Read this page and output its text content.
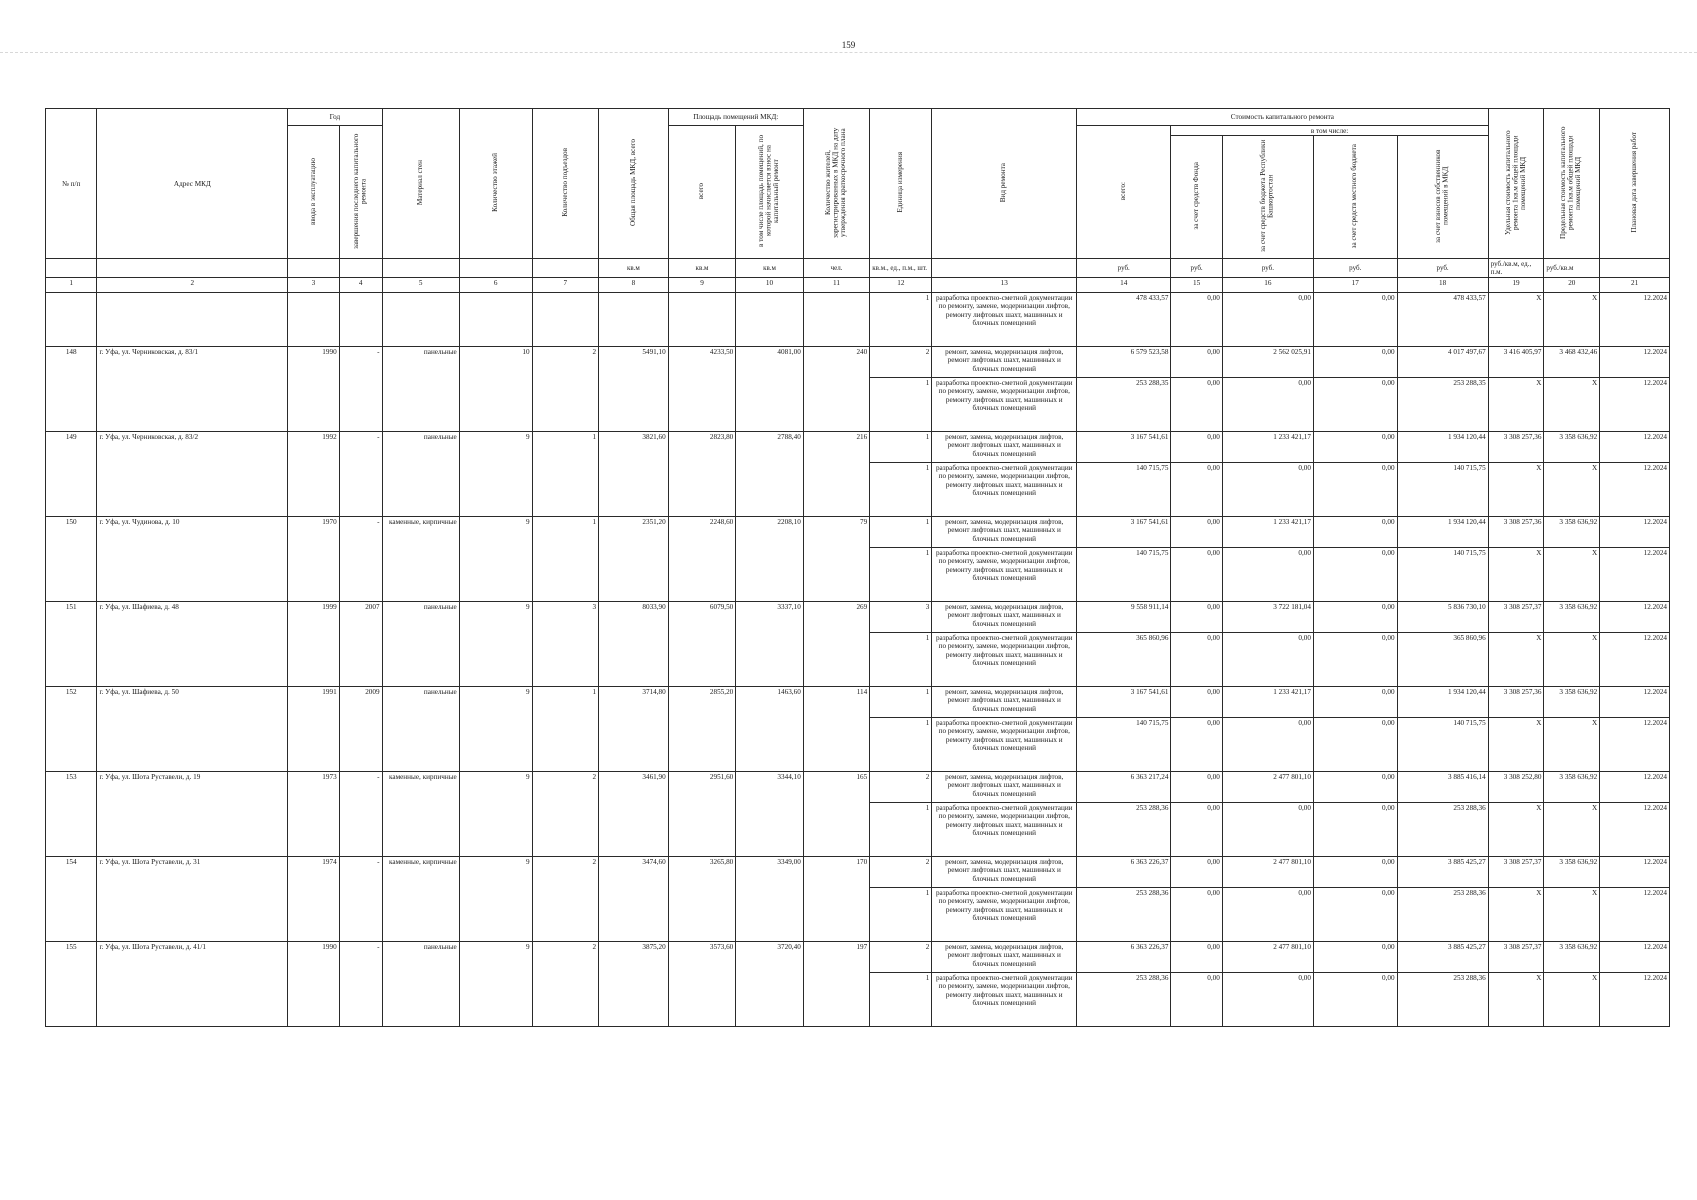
159
№ п/п	Адрес МКД	Год		Материал стен	Количество этажей	Количество подъездов	Общая площадь МКД, всего	Площадь помещений МКД:		Количество жителей, зарегистрированных в МКД на дату утверждения краткосрочного плана	Единица измерения	Вид ремонта	Стоимость капитального ремонта					Удельная стоимость капитального ремонта 1кв.м общей площади помещений МКД	Предельная стоимость капитального ремонта 1кв.м общей площади помещений МКД	Плановая дата завершения работ
		ввода в эксплуатацию	завершения последнего капитального ремонта					всего	в том числе площадь помещений, по которой начисляется взнос на капитальный ремонт				всего:	в том числе:						
														за счет средств Фонда	за счет средств бюджета Республики Башкортостан	за счет средств местного бюджета	за счет взносов собственников помещений в МКД			
							кв.м	кв.м	кв.м	чел.	кв.м., ед., п.м., шт.		руб.	руб.	руб.	руб.	руб.	руб./кв.м, ед., п.м.	руб./кв.м	
1	2	3	4	5	6	7	8	9	10	11	12	13	14	15	16	17	18	19	20	21
											1	разработка проектно-сметной документации по ремонту, замене, модернизации лифтов, ремонту лифтовых шахт, машинных и блочных помещений	478 433,57	0,00	0,00	0,00	478 433,57	X	X	12.2024
148	г. Уфа, ул. Черниковская, д. 83/1	1990	-	панельные	10	2	5491,10	4233,50	4081,00	240	2	ремонт, замена, модернизация лифтов, ремонт лифтовых шахт, машинных и блочных помещений	6 579 523,58	0,00	2 562 025,91	0,00	4 017 497,67	3 416 405,97	3 468 432,46	12.2024
											1	разработка проектно-сметной документации по ремонту, замене, модернизации лифтов, ремонту лифтовых шахт, машинных и блочных помещений	253 288,35	0,00	0,00	0,00	253 288,35	X	X	12.2024
149	г. Уфа, ул. Черниковская, д. 83/2	1992	-	панельные	9	1	3821,60	2823,80	2788,40	216	1	ремонт, замена, модернизация лифтов, ремонт лифтовых шахт, машинных и блочных помещений	3 167 541,61	0,00	1 233 421,17	0,00	1 934 120,44	3 308 257,36	3 358 636,92	12.2024
											1	разработка проектно-сметной документации по ремонту, замене, модернизации лифтов, ремонту лифтовых шахт, машинных и блочных помещений	140 715,75	0,00	0,00	0,00	140 715,75	X	X	12.2024
150	г. Уфа, ул. Чудинова, д. 10	1970	-	каменные, кирпичные	9	1	2351,20	2248,60	2208,10	79	1	ремонт, замена, модернизация лифтов, ремонт лифтовых шахт, машинных и блочных помещений	3 167 541,61	0,00	1 233 421,17	0,00	1 934 120,44	3 308 257,36	3 358 636,92	12.2024
											1	разработка проектно-сметной документации по ремонту, замене, модернизации лифтов, ремонту лифтовых шахт, машинных и блочных помещений	140 715,75	0,00	0,00	0,00	140 715,75	X	X	12.2024
151	г. Уфа, ул. Шафиева, д. 48	1999	2007	панельные	9	3	8033,90	6079,50	3337,10	269	3	ремонт, замена, модернизация лифтов, ремонт лифтовых шахт, машинных и блочных помещений	9 558 911,14	0,00	3 722 181,04	0,00	5 836 730,10	3 308 257,37	3 358 636,92	12.2024
											1	разработка проектно-сметной документации по ремонту, замене, модернизации лифтов, ремонту лифтовых шахт, машинных и блочных помещений	365 860,96	0,00	0,00	0,00	365 860,96	X	X	12.2024
152	г. Уфа, ул. Шафиева, д. 50	1991	2009	панельные	9	1	3714,80	2855,20	1463,60	114	1	ремонт, замена, модернизация лифтов, ремонт лифтовых шахт, машинных и блочных помещений	3 167 541,61	0,00	1 233 421,17	0,00	1 934 120,44	3 308 257,36	3 358 636,92	12.2024
											1	разработка проектно-сметной документации по ремонту, замене, модернизации лифтов, ремонту лифтовых шахт, машинных и блочных помещений	140 715,75	0,00	0,00	0,00	140 715,75	X	X	12.2024
153	г. Уфа, ул. Шота Руставели, д. 19	1973	-	каменные, кирпичные	9	2	3461,90	2951,60	3344,10	165	2	ремонт, замена, модернизация лифтов, ремонт лифтовых шахт, машинных и блочных помещений	6 363 217,24	0,00	2 477 801,10	0,00	3 885 416,14	3 308 252,80	3 358 636,92	12.2024
											1	разработка проектно-сметной документации по ремонту, замене, модернизации лифтов, ремонту лифтовых шахт, машинных и блочных помещений	253 288,36	0,00	0,00	0,00	253 288,36	X	X	12.2024
154	г. Уфа, ул. Шота Руставели, д. 31	1974	-	каменные, кирпичные	9	2	3474,60	3265,80	3349,00	170	2	ремонт, замена, модернизация лифтов, ремонт лифтовых шахт, машинных и блочных помещений	6 363 226,37	0,00	2 477 801,10	0,00	3 885 425,27	3 308 257,37	3 358 636,92	12.2024
											1	разработка проектно-сметной документации по ремонту, замене, модернизации лифтов, ремонту лифтовых шахт, машинных и блочных помещений	253 288,36	0,00	0,00	0,00	253 288,36	X	X	12.2024
155	г. Уфа, ул. Шота Руставели, д. 41/1	1990	-	панельные	9	2	3875,20	3573,60	3720,40	197	2	ремонт, замена, модернизация лифтов, ремонт лифтовых шахт, машинных и блочных помещений	6 363 226,37	0,00	2 477 801,10	0,00	3 885 425,27	3 308 257,37	3 358 636,92	12.2024
											1	разработка проектно-сметной документации по ремонту, замене, модернизации лифтов, ремонту лифтовых шахт, машинных и блочных помещений	253 288,36	0,00	0,00	0,00	253 288,36	X	X	12.2024
